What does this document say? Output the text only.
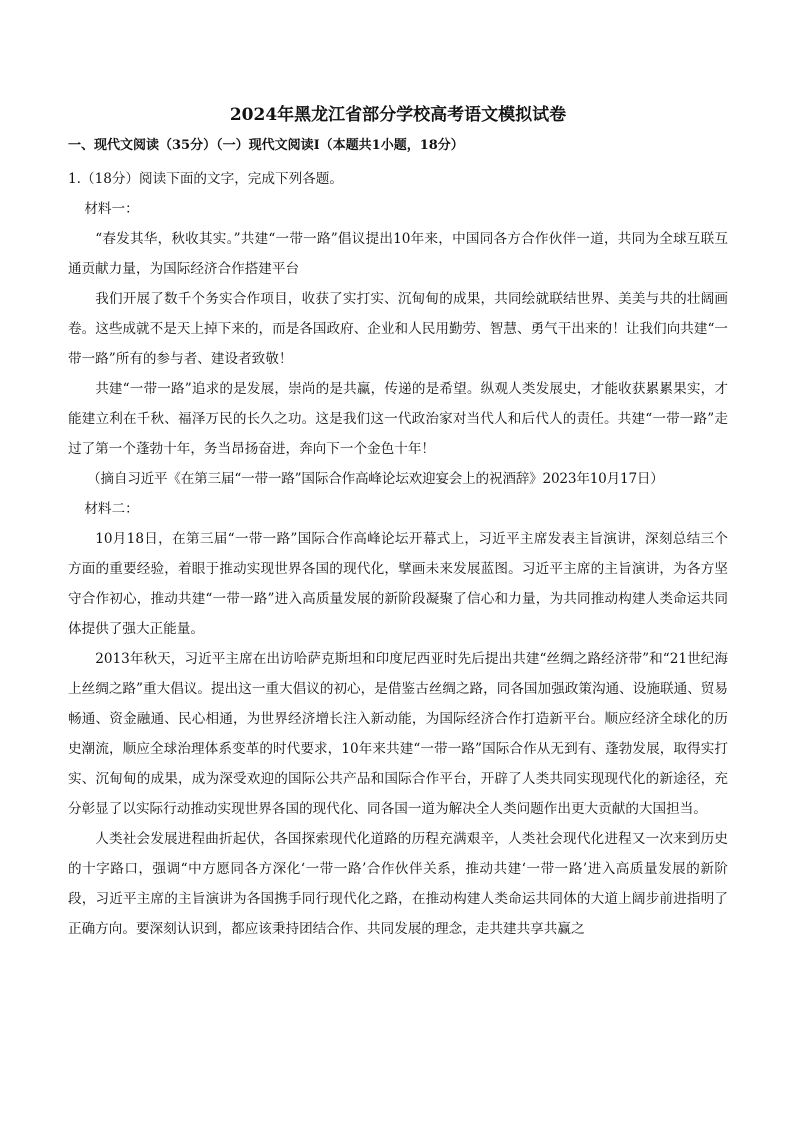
2024年黑龙江省部分学校高考语文模拟试卷
一、现代文阅读（35分）（一）现代文阅读Ⅰ（本题共1小题，18分）

1.（18分）阅读下面的文字，完成下列各题。

材料一：

“春发其华，秋收其实。”共建“一带一路”倡议提出10年来，中国同各方合作伙伴一道，共同为全球互联互通贡献力量，为国际经济合作搭建平台

我们开展了数千个务实合作项目，收获了实打实、沉甸甸的成果，共同绘就联结世界、美美与共的壮阔画卷。这些成就不是天上掉下来的，而是各国政府、企业和人民用勤劳、智慧、勇气干出来的！让我们向共建“一带一路”所有的参与者、建设者致敬！

共建“一带一路”追求的是发展，崇尚的是共赢，传递的是希望。纵观人类发展史，才能收获累累果实，才能建立利在千秋、福泽万民的长久之功。这是我们这一代政治家对当代人和后代人的责任。共建“一带一路”走过了第一个蓬勃十年，务当昂扬奋进，奔向下一个金色十年！

（摘自习近平《在第三届“一带一路”国际合作高峰论坛欢迎宴会上的祝酒辞》2023年10月17日）

材料二：

10月18日，在第三届“一带一路”国际合作高峰论坛开幕式上，习近平主席发表主旨演讲，深刻总结三个方面的重要经验，着眼于推动实现世界各国的现代化，擘画未来发展蓝图。习近平主席的主旨演讲，为各方坚守合作初心，推动共建“一带一路”进入高质量发展的新阶段凝聚了信心和力量，为共同推动构建人类命运共同体提供了强大正能量。

2013年秋天，习近平主席在出访哈萨克斯坦和印度尼西亚时先后提出共建“丝绸之路经济带”和“21世纪海上丝绸之路”重大倡议。提出这一重大倡议的初心，是借鉴古丝绸之路，同各国加强政策沟通、设施联通、贸易畅通、资金融通、民心相通，为世界经济增长注入新动能，为国际经济合作打造新平台。顺应经济全球化的历史潮流，顺应全球治理体系变革的时代要求，10年来共建“一带一路”国际合作从无到有、蓬勃发展，取得实打实、沉甸甸的成果，成为深受欢迎的国际公共产品和国际合作平台，开辟了人类共同实现现代化的新途径，充分彰显了以实际行动推动实现世界各国的现代化、同各国一道为解决全人类问题作出更大贡献的大国担当。

人类社会发展进程曲折起伏，各国探索现代化道路的历程充满艰辛，人类社会现代化进程又一次来到历史的十字路口，强调“中方愿同各方深化‘一带一路’合作伙伴关系，推动共建‘一带一路’进入高质量发展的新阶段，习近平主席的主旨演讲为各国携手同行现代化之路，在推动构建人类命运共同体的大道上阔步前进指明了正确方向。要深刻认识到，都应该秉持团结合作、共同发展的理念，走共建共享共赢之
